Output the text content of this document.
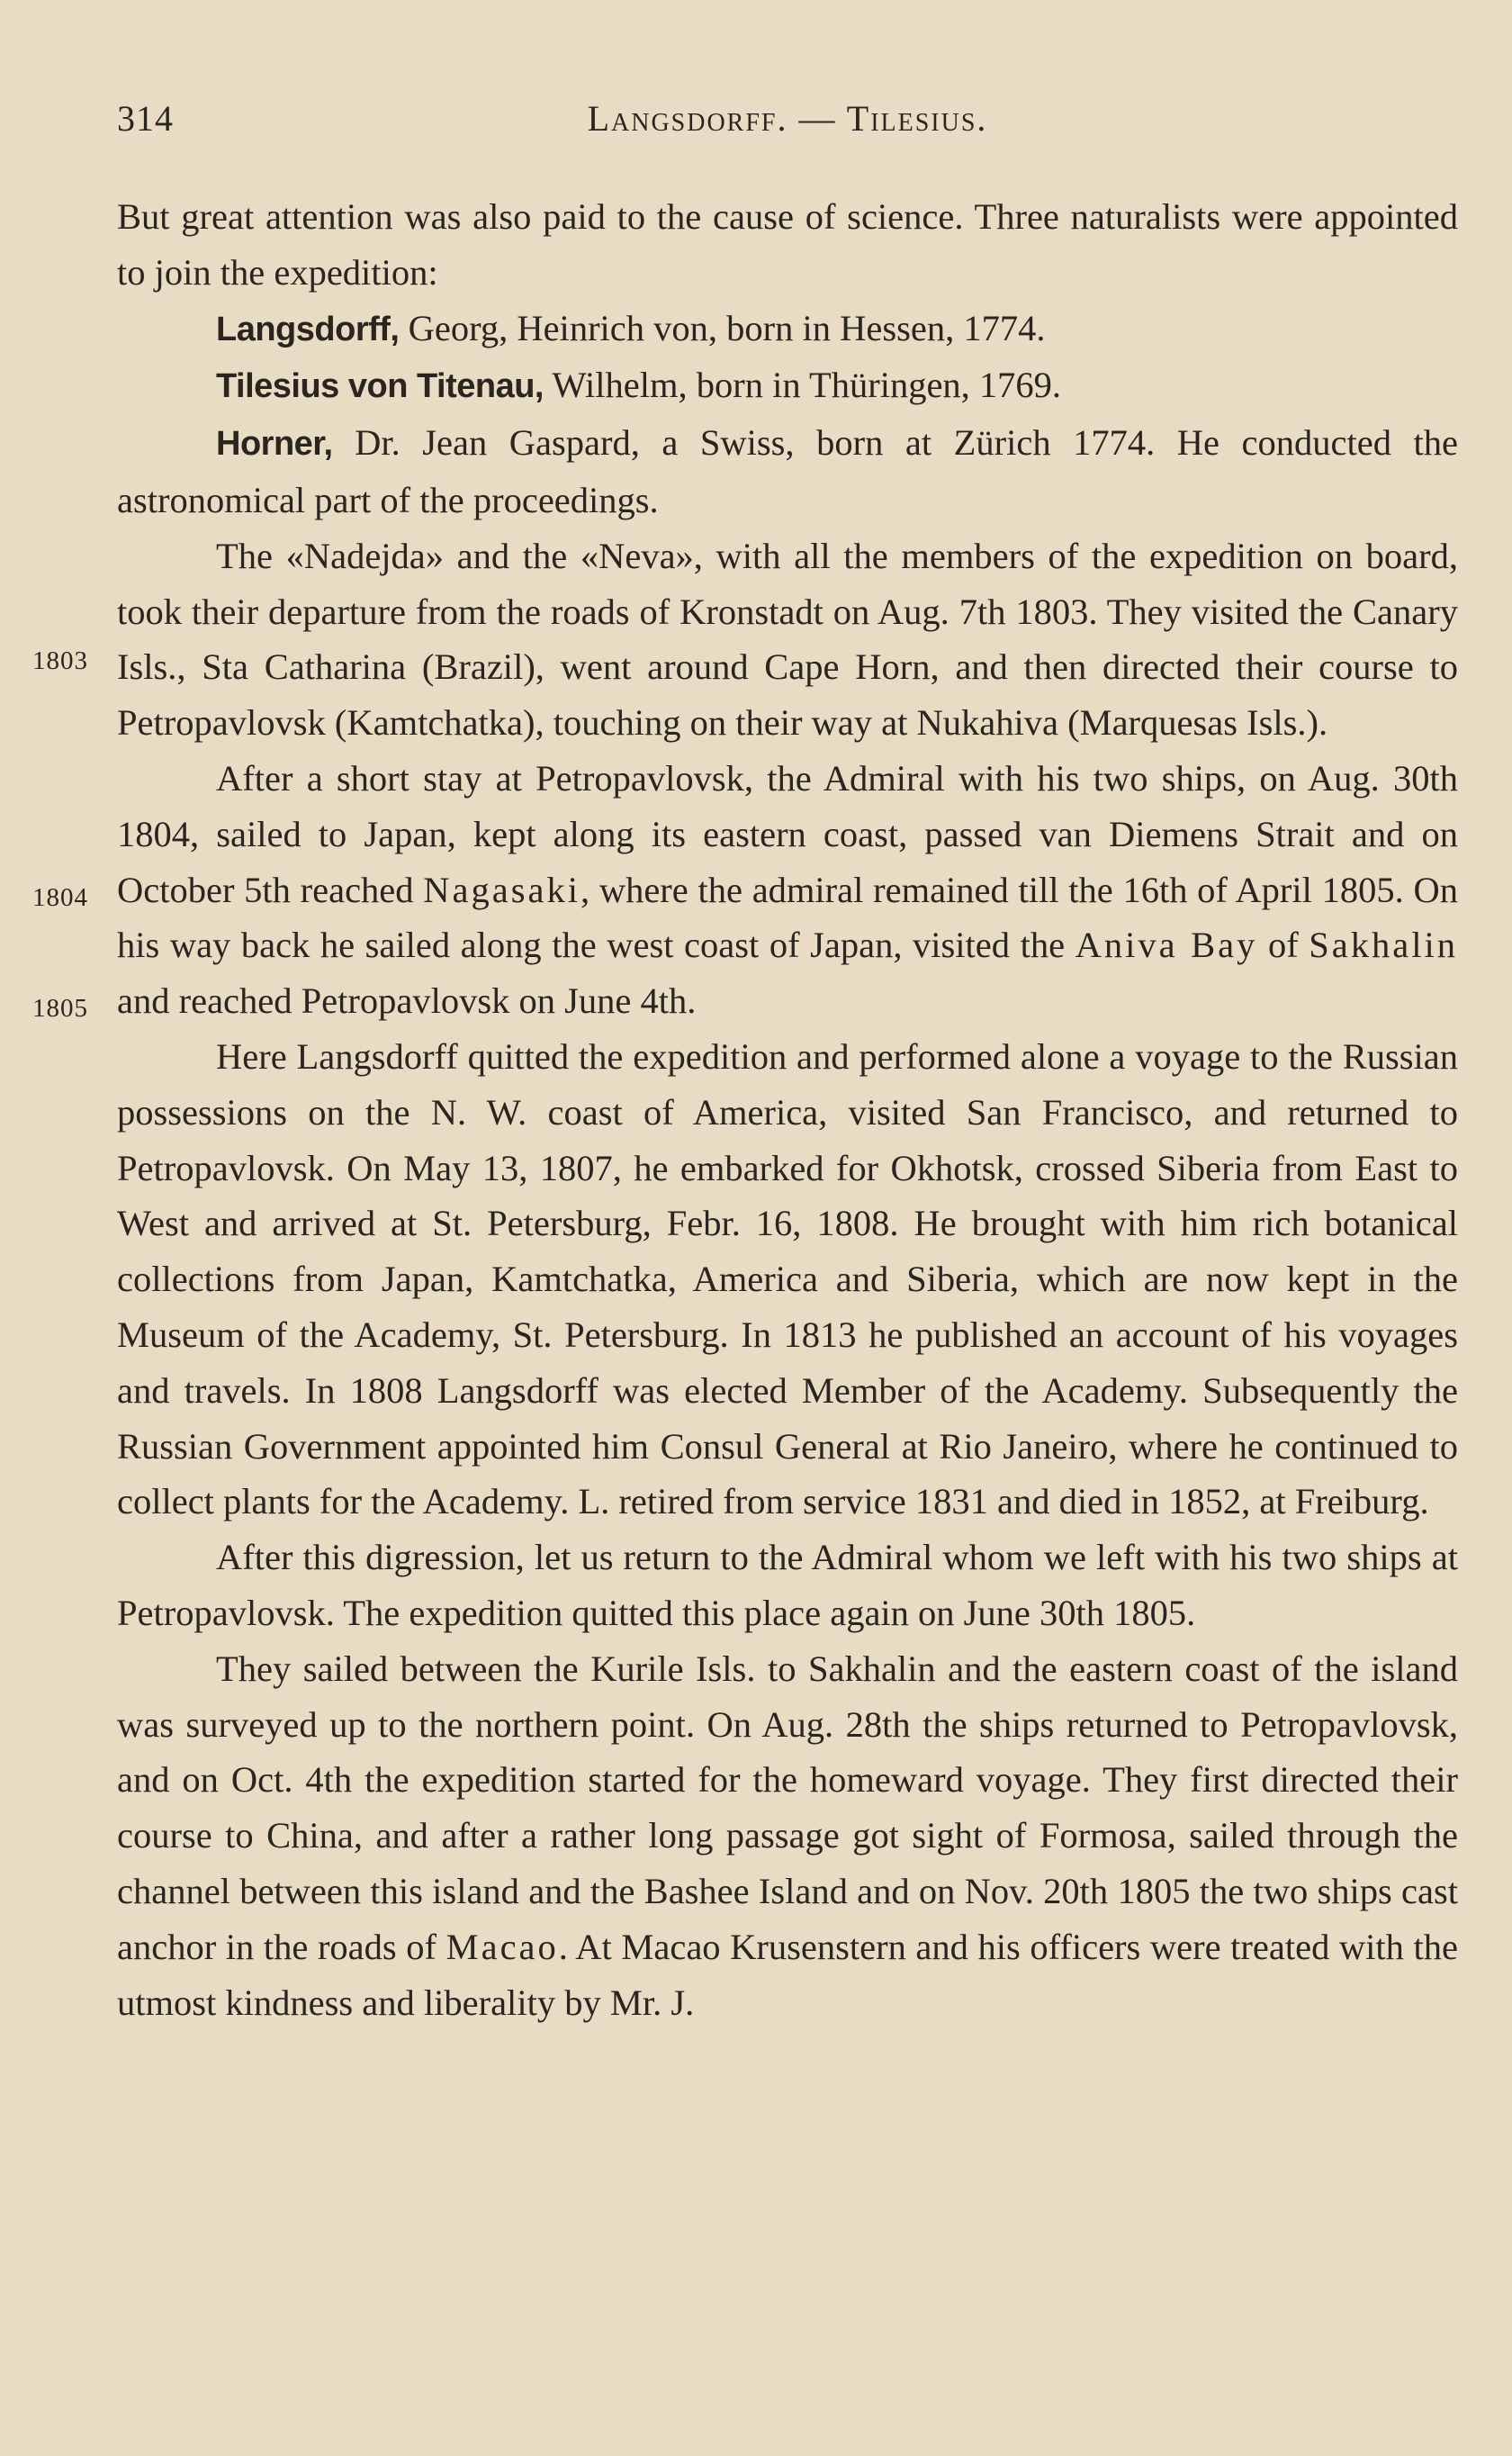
314	Langsdorff. — Tilesius.
1803
1804
1805

But great attention was also paid to the cause of science. Three naturalists were appointed to join the expedition:

Langsdorff, Georg, Heinrich von, born in Hessen, 1774.

Tilesius von Titenau, Wilhelm, born in Thüringen, 1769.

Horner, Dr. Jean Gaspard, a Swiss, born at Zürich 1774. He conducted the astronomical part of the proceedings.

The «Nadejda» and the «Neva», with all the members of the expedition on board, took their departure from the roads of Kronstadt on Aug. 7th 1803. They visited the Canary Isls., Sta Catharina (Brazil), went around Cape Horn, and then directed their course to Petropavlovsk (Kamtchatka), touching on their way at Nukahiva (Marquesas Isls.).

After a short stay at Petropavlovsk, the Admiral with his two ships, on Aug. 30th 1804, sailed to Japan, kept along its eastern coast, passed van Diemens Strait and on October 5th reached Nagasaki, where the admiral remained till the 16th of April 1805. On his way back he sailed along the west coast of Japan, visited the Aniva Bay of Sakhalin and reached Petropavlovsk on June 4th.

Here Langsdorff quitted the expedition and performed alone a voyage to the Russian possessions on the N. W. coast of America, visited San Francisco, and returned to Petropavlovsk. On May 13, 1807, he embarked for Okhotsk, crossed Siberia from East to West and arrived at St. Petersburg, Febr. 16, 1808. He brought with him rich botanical collections from Japan, Kamtchatka, America and Siberia, which are now kept in the Museum of the Academy, St. Petersburg. In 1813 he published an account of his voyages and travels. In 1808 Langsdorff was elected Member of the Academy. Subsequently the Russian Government appointed him Consul General at Rio Janeiro, where he continued to collect plants for the Academy. L. retired from service 1831 and died in 1852, at Freiburg.

After this digression, let us return to the Admiral whom we left with his two ships at Petropavlovsk. The expedition quitted this place again on June 30th 1805.

They sailed between the Kurile Isls. to Sakhalin and the eastern coast of the island was surveyed up to the northern point. On Aug. 28th the ships returned to Petropavlovsk, and on Oct. 4th the expedition started for the homeward voyage. They first directed their course to China, and after a rather long passage got sight of Formosa, sailed through the channel between this island and the Bashee Island and on Nov. 20th 1805 the two ships cast anchor in the roads of Macao. At Macao Krusenstern and his officers were treated with the utmost kindness and liberality by Mr. J.
